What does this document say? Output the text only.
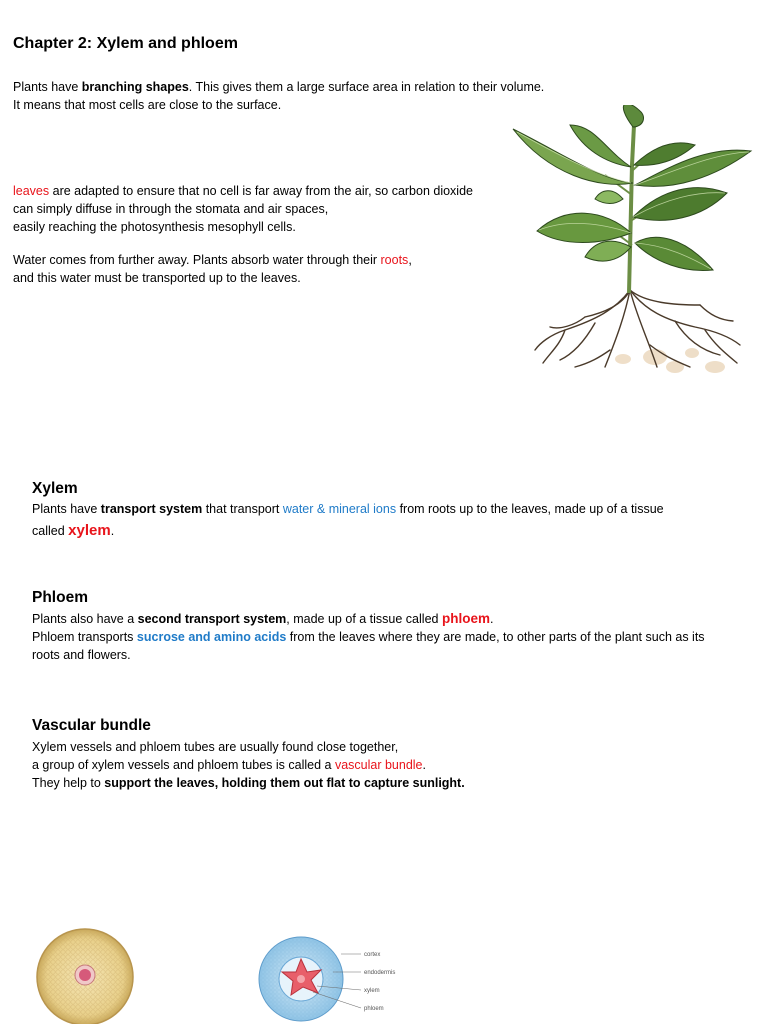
Chapter 2: Xylem and phloem
Plants have branching shapes. This gives them a large surface area in relation to their volume.
It means that most cells are close to the surface.
leaves are adapted to ensure that no cell is far away from the air, so carbon dioxide
can simply diffuse in through the stomata and air spaces,
easily reaching the photosynthesis mesophyll cells.
Water comes from further away. Plants absorb water through their roots,
and this water must be transported up to the leaves.
Xylem
Plants have transport system that transport water & mineral ions from roots up to the leaves, made up of a tissue
called xylem.
Phloem
Plants also have a second transport system, made up of a tissue called phloem.
Phloem transports sucrose and amino acids from the leaves where they are made, to other parts of the plant such as its
roots and flowers.
Vascular bundle
Xylem vessels and phloem tubes are usually found close together,
a group of xylem vessels and phloem tubes is called a vascular bundle.
They help to support the leaves, holding them out flat to capture sunlight.
cortex
endodermis
xylem
phloem
